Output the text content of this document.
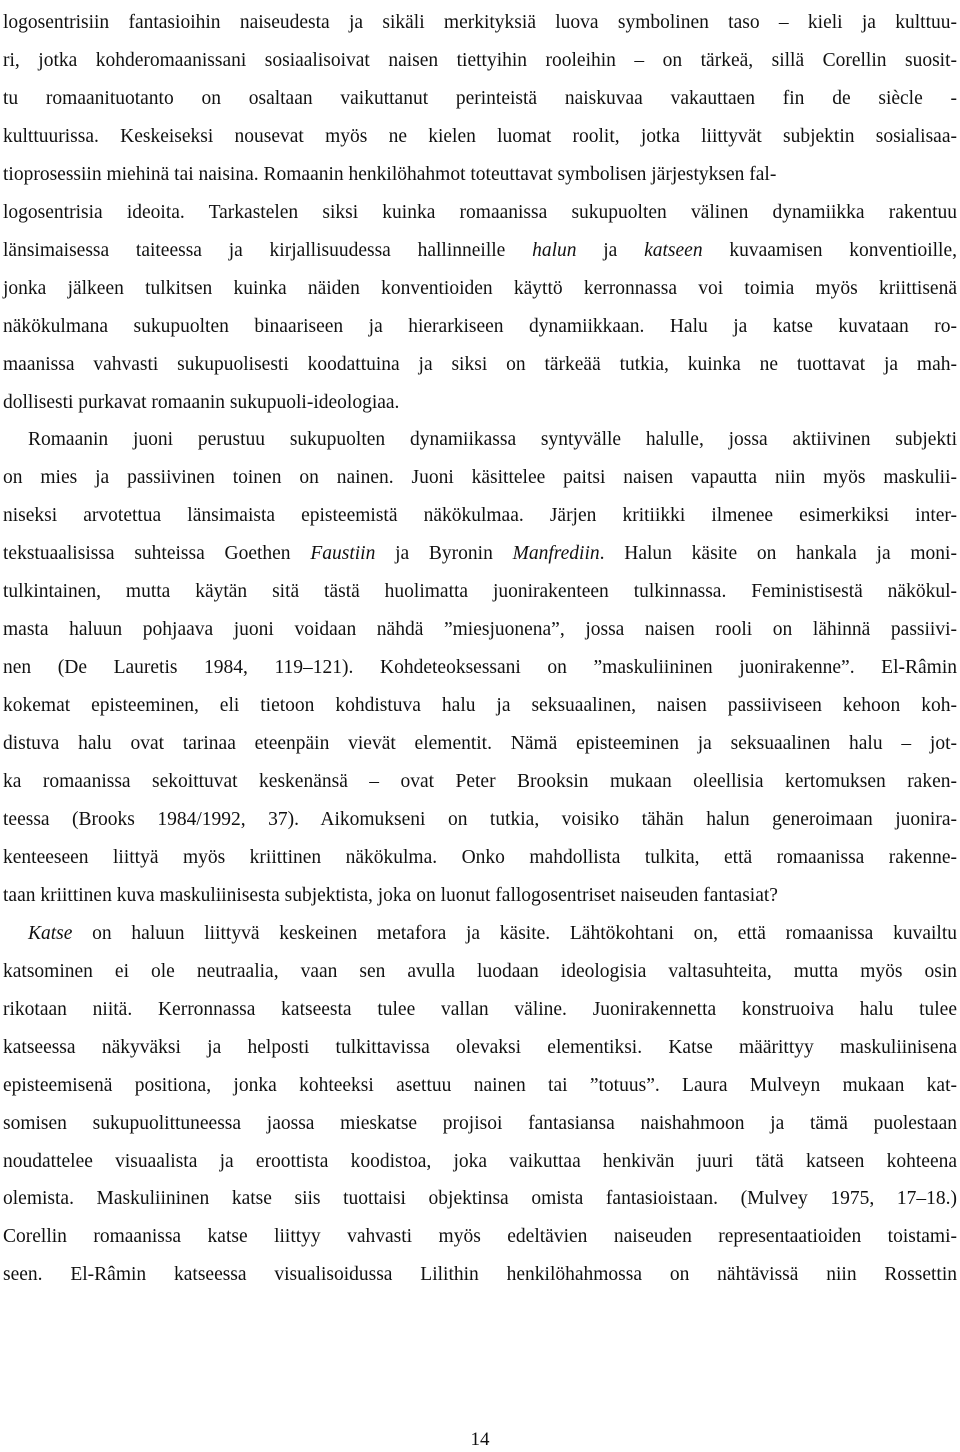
logosentrisiin fantasioihin naiseudesta ja sikäli merkityksiä luova symbolinen taso – kieli ja kulttuu-
ri, jotka kohderomaanissani sosiaalisoivat naisen tiettyihin rooleihin – on tärkeä, sillä Corellin suosit-
tu romaanituotanto on osaltaan vaikuttanut perinteistä naiskuvaa vakauttaen fin de siècle -
kulttuurissa. Keskeiseksi nousevat myös ne kielen luomat roolit, jotka liittyvät subjektin sosialisaa-
tioprosessiin miehinä tai naisina. Romaanin henkilöhahmot toteuttavat symbolisen järjestyksen fal-
logosentrisia ideoita. Tarkastelen siksi kuinka romaanissa sukupuolten välinen dynamiikka rakentuu
länsimaisessa taiteessa ja kirjallisuudessa hallinneille halun ja katseen kuvaamisen konventioille,
jonka jälkeen tulkitsen kuinka näiden konventioiden käyttö kerronnassa voi toimia myös kriittisenä
näkökulmana sukupuolten binaariseen ja hierarkiseen dynamiikkaan. Halu ja katse kuvataan ro-
maanissa vahvasti sukupuolisesti koodattuina ja siksi on tärkeää tutkia, kuinka ne tuottavat ja mah-
dollisesti purkavat romaanin sukupuoli-ideologiaa.
Romaanin juoni perustuu sukupuolten dynamiikassa syntyvälle halulle, jossa aktiivinen subjekti
on mies ja passiivinen toinen on nainen. Juoni käsittelee paitsi naisen vapautta niin myös maskulii-
niseksi arvotettua länsimaista episteemistä näkökulmaa. Järjen kritiikki ilmenee esimerkiksi inter-
tekstuaalisissa suhteissa Goethen Faustiin ja Byronin Manfrediin. Halun käsite on hankala ja moni-
tulkintainen, mutta käytän sitä tästä huolimatta juonirakenteen tulkinnassa. Feministisestä näkökul-
masta haluun pohjaava juoni voidaan nähdä ”miesjuonena”, jossa naisen rooli on lähinnä passiivi-
nen (De Lauretis 1984, 119–121). Kohdeteoksessani on ”maskuliininen juonirakenne”. El-Râmin
kokemat episteeminen, eli tietoon kohdistuva halu ja seksuaalinen, naisen passiiviseen kehoon koh-
distuva halu ovat tarinaa eteenpäin vievät elementit. Nämä episteeminen ja seksuaalinen halu – jot-
ka romaanissa sekoittuvat keskenänsä – ovat Peter Brooksin mukaan oleellisia kertomuksen raken-
teessa (Brooks 1984/1992, 37). Aikomukseni on tutkia, voisiko tähän halun generoimaan juonira-
kenteeseen liittyä myös kriittinen näkökulma. Onko mahdollista tulkita, että romaanissa rakenne-
taan kriittinen kuva maskuliinisesta subjektista, joka on luonut fallogosentriset naiseuden fantasiat?
Katse on haluun liittyvä keskeinen metafora ja käsite. Lähtökohtani on, että romaanissa kuvailtu
katsominen ei ole neutraalia, vaan sen avulla luodaan ideologisia valtasuhteita, mutta myös osin
rikotaan niitä. Kerronnassa katseesta tulee vallan väline. Juonirakennetta konstruoiva halu tulee
katseessa näkyväksi ja helposti tulkittavissa olevaksi elementiksi. Katse määrittyy maskuliinisena
episteemisenä positiona, jonka kohteeksi asettuu nainen tai ”totuus”. Laura Mulveyn mukaan kat-
somisen sukupuolittuneessa jaossa mieskatse projisoi fantasiansa naishahmoon ja tämä puolestaan
noudattelee visuaalista ja eroottista koodistoa, joka vaikuttaa henkivän juuri tätä katseen kohteena
olemista. Maskuliininen katse siis tuottaisi objektinsa omista fantasioistaan. (Mulvey 1975, 17–18.)
Corellin romaanissa katse liittyy vahvasti myös edeltävien naiseuden representaatioiden toistami-
seen. El-Râmin katseessa visualisoidussa Lilithin henkilöhahmossa on nähtävissä niin Rossettin
14
